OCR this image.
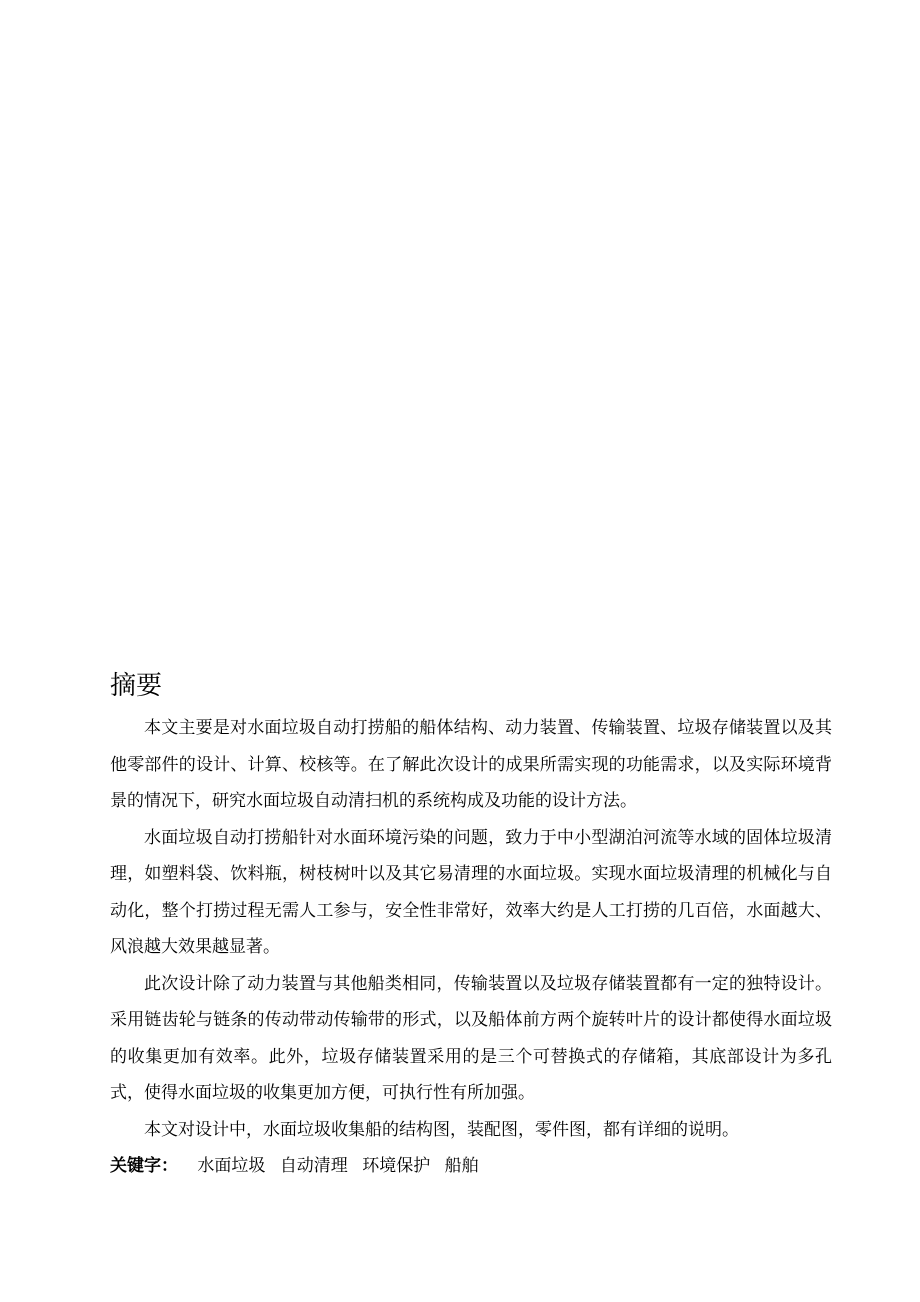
摘要

本文主要是对水面垃圾自动打捞船的船体结构、动力装置、传输装置、垃圾存储装置以及其他零部件的设计、计算、校核等。在了解此次设计的成果所需实现的功能需求，以及实际环境背景的情况下，研究水面垃圾自动清扫机的系统构成及功能的设计方法。

水面垃圾自动打捞船针对水面环境污染的问题，致力于中小型湖泊河流等水域的固体垃圾清理，如塑料袋、饮料瓶，树枝树叶以及其它易清理的水面垃圾。实现水面垃圾清理的机械化与自动化，整个打捞过程无需人工参与，安全性非常好，效率大约是人工打捞的几百倍，水面越大、风浪越大效果越显著。

此次设计除了动力装置与其他船类相同，传输装置以及垃圾存储装置都有一定的独特设计。采用链齿轮与链条的传动带动传输带的形式，以及船体前方两个旋转叶片的设计都使得水面垃圾的收集更加有效率。此外，垃圾存储装置采用的是三个可替换式的存储箱，其底部设计为多孔式，使得水面垃圾的收集更加方便，可执行性有所加强。

本文对设计中，水面垃圾收集船的结构图，装配图，零件图，都有详细的说明。

关键字： 水面垃圾 自动清理 环境保护 船舶
